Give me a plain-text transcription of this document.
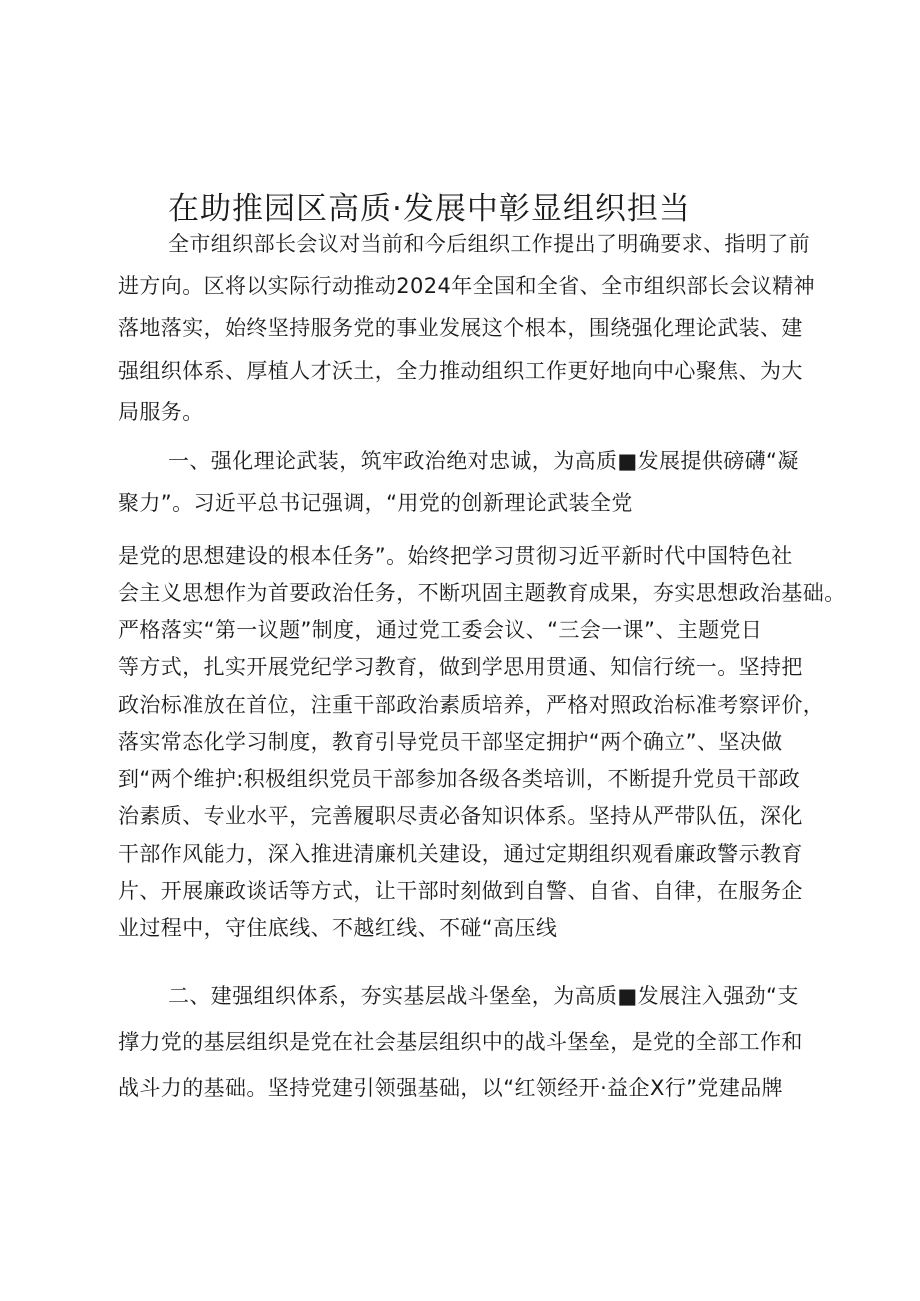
在助推园区高质·发展中彰显组织担当
全市组织部长会议对当前和今后组织工作提出了明确要求、指明了前
进方向。区将以实际行动推动2024年全国和全省、全市组织部长会议精神
落地落实，始终坚持服务党的事业发展这个根本，围绕强化理论武装、建
强组织体系、厚植人才沃土，全力推动组织工作更好地向中心聚焦、为大
局服务。
一、强化理论武装，筑牢政治绝对忠诚，为高质■发展提供磅礴“凝
聚力”。习近平总书记强调，“用党的创新理论武装全党
是党的思想建设的根本任务”。始终把学习贯彻习近平新时代中国特色社
会主义思想作为首要政治任务，不断巩固主题教育成果，夯实思想政治基础。
严格落实“第一议题”制度，通过党工委会议、“三会一课”、主题党日
等方式，扎实开展党纪学习教育，做到学思用贯通、知信行统一。坚持把
政治标准放在首位，注重干部政治素质培养，严格对照政治标准考察评价，
落实常态化学习制度，教育引导党员干部坚定拥护“两个确立”、坚决做
到“两个维护:积极组织党员干部参加各级各类培训，不断提升党员干部政
治素质、专业水平，完善履职尽责必备知识体系。坚持从严带队伍，深化
干部作风能力，深入推进清廉机关建设，通过定期组织观看廉政警示教育
片、开展廉政谈话等方式，让干部时刻做到自警、自省、自律，在服务企
业过程中，守住底线、不越红线、不碰“高压线
二、建强组织体系，夯实基层战斗堡垒，为高质■发展注入强劲“支
撑力党的基层组织是党在社会基层组织中的战斗堡垒，是党的全部工作和
战斗力的基础。坚持党建引领强基础，以“红领经开·益企X行”党建品牌
